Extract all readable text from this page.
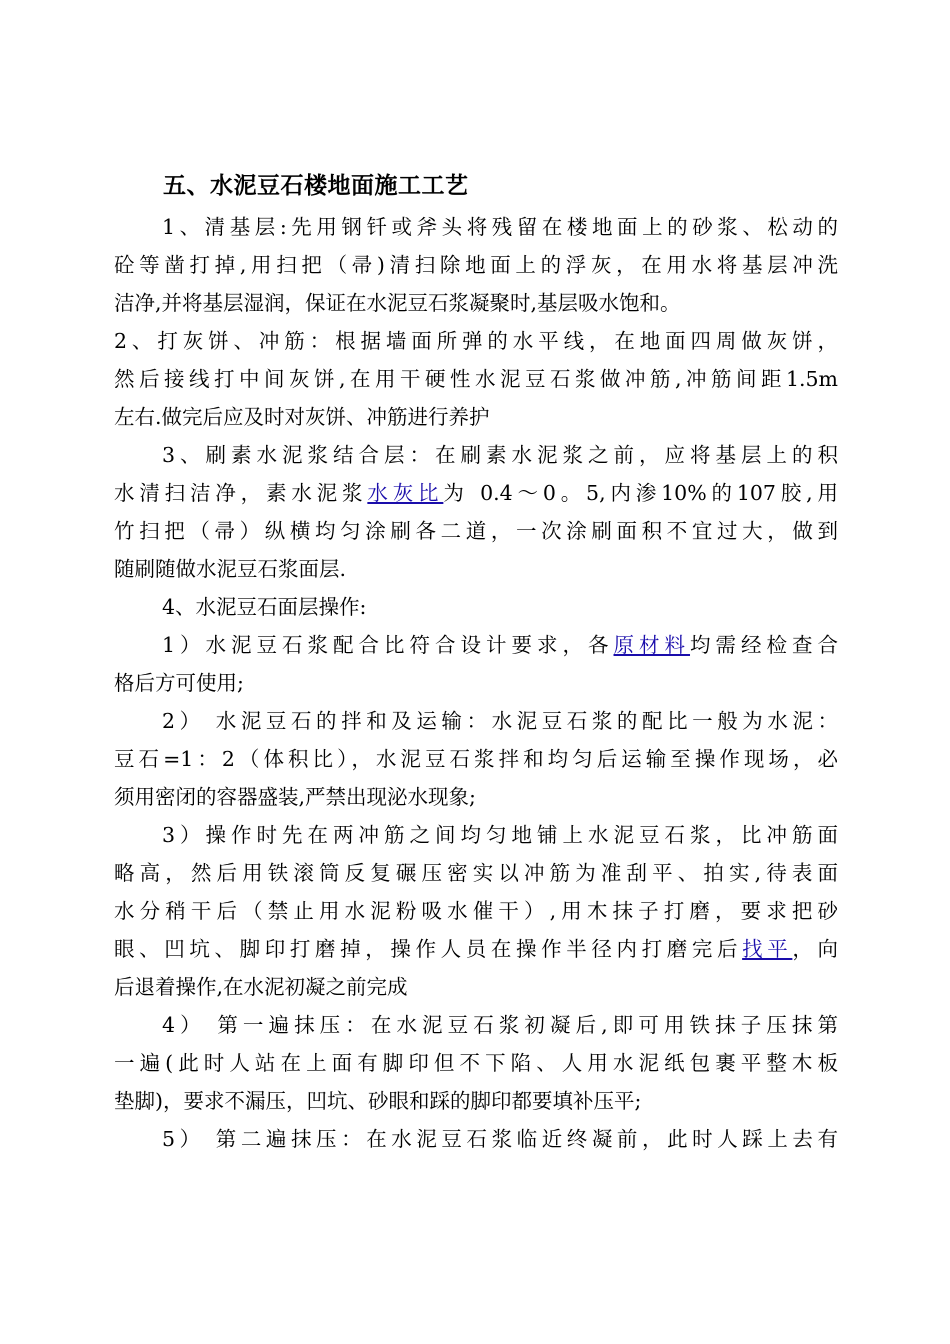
五、水泥豆石楼地面施工工艺
1、清基层:先用钢钎或斧头将残留在楼地面上的砂浆、松动的
砼等凿打掉,用扫把（帚)清扫除地面上的浮灰，在用水将基层冲洗
洁净,并将基层湿润，保证在水泥豆石浆凝聚时,基层吸水饱和。
2、打灰饼、冲筋：根据墙面所弹的水平线，在地面四周做灰饼，
然后接线打中间灰饼,在用干硬性水泥豆石浆做冲筋,冲筋间距1.5m
左右.做完后应及时对灰饼、冲筋进行养护
3、刷素水泥浆结合层：在刷素水泥浆之前，应将基层上的积
水清扫洁净，素水泥浆水灰比为 0.4～0。5,内渗10%的107胶,用
竹扫把（帚）纵横均匀涂刷各二道，一次涂刷面积不宜过大，做到
随刷随做水泥豆石浆面层.
4、水泥豆石面层操作:
1）水泥豆石浆配合比符合设计要求，各原材料均需经检查合
格后方可使用;
2） 水泥豆石的拌和及运输：水泥豆石浆的配比一般为水泥：
豆石=1：2（体积比），水泥豆石浆拌和均匀后运输至操作现场，必
须用密闭的容器盛装,严禁出现泌水现象;
3）操作时先在两冲筋之间均匀地铺上水泥豆石浆，比冲筋面
略高，然后用铁滚筒反复碾压密实以冲筋为准刮平、拍实,待表面
水分稍干后（禁止用水泥粉吸水催干）,用木抹子打磨，要求把砂
眼、凹坑、脚印打磨掉，操作人员在操作半径内打磨完后找平，向
后退着操作,在水泥初凝之前完成
4） 第一遍抹压：在水泥豆石浆初凝后,即可用铁抹子压抹第
一遍(此时人站在上面有脚印但不下陷、人用水泥纸包裹平整木板
垫脚)，要求不漏压，凹坑、砂眼和踩的脚印都要填补压平;
5） 第二遍抹压：在水泥豆石浆临近终凝前，此时人踩上去有
